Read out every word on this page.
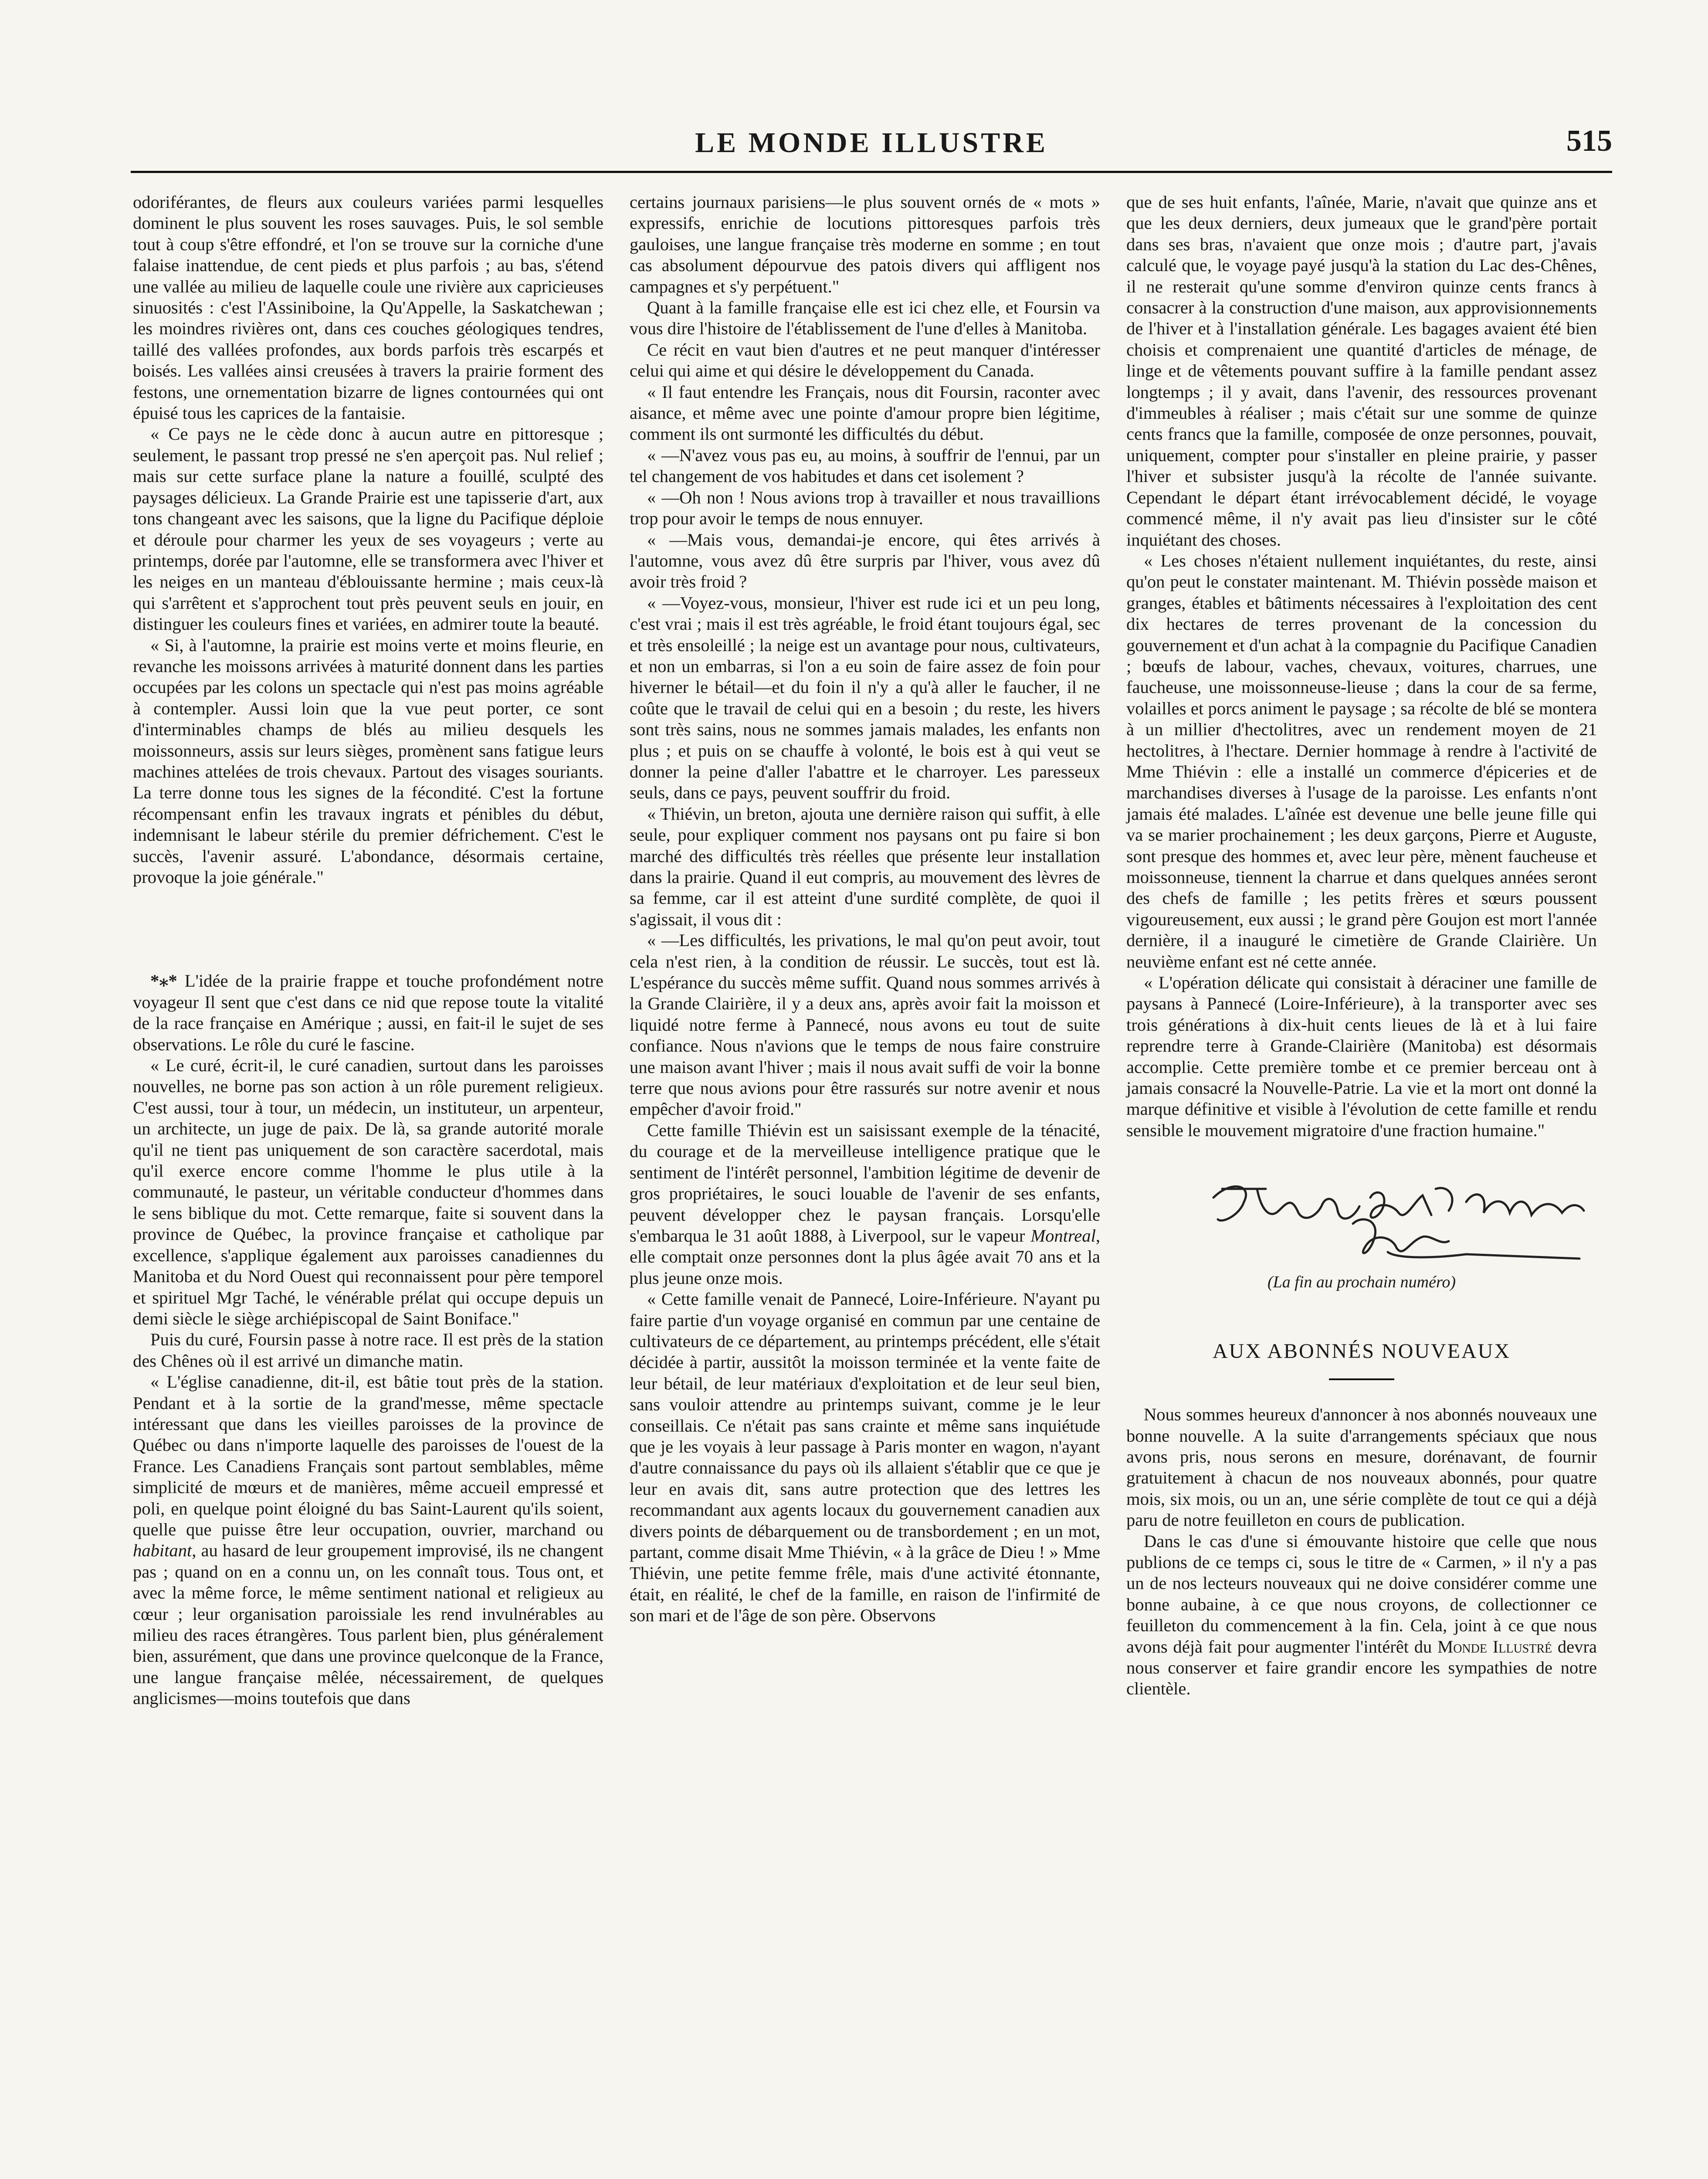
LE MONDE ILLUSTRE	515

odoriférantes, de fleurs aux couleurs variées parmi lesquelles dominent le plus souvent les roses sauvages. Puis, le sol semble tout à coup s'être effondré, et l'on se trouve sur la corniche d'une falaise inattendue, de cent pieds et plus parfois ; au bas, s'étend une vallée au milieu de laquelle coule une rivière aux capricieuses sinuosités : c'est l'Assiniboine, la Qu'Appelle, la Saskatchewan ; les moindres rivières ont, dans ces couches géologiques tendres, taillé des vallées profondes, aux bords parfois très escarpés et boisés. Les vallées ainsi creusées à travers la prairie forment des festons, une ornementation bizarre de lignes contournées qui ont épuisé tous les caprices de la fantaisie.

« Ce pays ne le cède donc à aucun autre en pittoresque ; seulement, le passant trop pressé ne s'en aperçoit pas. Nul relief ; mais sur cette surface plane la nature a fouillé, sculpté des paysages délicieux. La Grande Prairie est une tapisserie d'art, aux tons changeant avec les saisons, que la ligne du Pacifique déploie et déroule pour charmer les yeux de ses voyageurs ; verte au printemps, dorée par l'automne, elle se transformera avec l'hiver et les neiges en un manteau d'éblouissante hermine ; mais ceux-là qui s'arrêtent et s'approchent tout près peuvent seuls en jouir, en distinguer les couleurs fines et variées, en admirer toute la beauté.

« Si, à l'automne, la prairie est moins verte et moins fleurie, en revanche les moissons arrivées à maturité donnent dans les parties occupées par les colons un spectacle qui n'est pas moins agréable à contempler. Aussi loin que la vue peut porter, ce sont d'interminables champs de blés au milieu desquels les moissonneurs, assis sur leurs sièges, promènent sans fatigue leurs machines attelées de trois chevaux. Partout des visages souriants. La terre donne tous les signes de la fécondité. C'est la fortune récompensant enfin les travaux ingrats et pénibles du début, indemnisant le labeur stérile du premier défrichement. C'est le succès, l'avenir assuré. L'abondance, désormais certaine, provoque la joie générale."

*⁎* L'idée de la prairie frappe et touche profondément notre voyageur Il sent que c'est dans ce nid que repose toute la vitalité de la race française en Amérique ; aussi, en fait-il le sujet de ses observations. Le rôle du curé le fascine.

« Le curé, écrit-il, le curé canadien, surtout dans les paroisses nouvelles, ne borne pas son action à un rôle purement religieux. C'est aussi, tour à tour, un médecin, un instituteur, un arpenteur, un architecte, un juge de paix. De là, sa grande autorité morale qu'il ne tient pas uniquement de son caractère sacerdotal, mais qu'il exerce encore comme l'homme le plus utile à la communauté, le pasteur, un véritable conducteur d'hommes dans le sens biblique du mot. Cette remarque, faite si souvent dans la province de Québec, la province française et catholique par excellence, s'applique également aux paroisses canadiennes du Manitoba et du Nord Ouest qui reconnaissent pour père temporel et spirituel Mgr Taché, le vénérable prélat qui occupe depuis un demi siècle le siège archiépiscopal de Saint Boniface."

Puis du curé, Foursin passe à notre race. Il est près de la station des Chênes où il est arrivé un dimanche matin.

« L'église canadienne, dit-il, est bâtie tout près de la station. Pendant et à la sortie de la grand'messe, même spectacle intéressant que dans les vieilles paroisses de la province de Québec ou dans n'importe laquelle des paroisses de l'ouest de la France. Les Canadiens Français sont partout semblables, même simplicité de mœurs et de manières, même accueil empressé et poli, en quelque point éloigné du bas Saint-Laurent qu'ils soient, quelle que puisse être leur occupation, ouvrier, marchand ou habitant, au hasard de leur groupement improvisé, ils ne changent pas ; quand on en a connu un, on les connaît tous. Tous ont, et avec la même force, le même sentiment national et religieux au cœur ; leur organisation paroissiale les rend invulnérables au milieu des races étrangères. Tous parlent bien, plus généralement bien, assurément, que dans une province quelconque de la France, une langue française mêlée, nécessairement, de quelques anglicismes—moins toutefois que dans

certains journaux parisiens—le plus souvent ornés de « mots » expressifs, enrichie de locutions pittoresques parfois très gauloises, une langue française très moderne en somme ; en tout cas absolument dépourvue des patois divers qui affligent nos campagnes et s'y perpétuent."

Quant à la famille française elle est ici chez elle, et Foursin va vous dire l'histoire de l'établissement de l'une d'elles à Manitoba.

Ce récit en vaut bien d'autres et ne peut manquer d'intéresser celui qui aime et qui désire le développement du Canada.

« Il faut entendre les Français, nous dit Foursin, raconter avec aisance, et même avec une pointe d'amour propre bien légitime, comment ils ont surmonté les difficultés du début.

« —N'avez vous pas eu, au moins, à souffrir de l'ennui, par un tel changement de vos habitudes et dans cet isolement ?

« —Oh non ! Nous avions trop à travailler et nous travaillions trop pour avoir le temps de nous ennuyer.

« —Mais vous, demandai-je encore, qui êtes arrivés à l'automne, vous avez dû être surpris par l'hiver, vous avez dû avoir très froid ?

« —Voyez-vous, monsieur, l'hiver est rude ici et un peu long, c'est vrai ; mais il est très agréable, le froid étant toujours égal, sec et très ensoleillé ; la neige est un avantage pour nous, cultivateurs, et non un embarras, si l'on a eu soin de faire assez de foin pour hiverner le bétail—et du foin il n'y a qu'à aller le faucher, il ne coûte que le travail de celui qui en a besoin ; du reste, les hivers sont très sains, nous ne sommes jamais malades, les enfants non plus ; et puis on se chauffe à volonté, le bois est à qui veut se donner la peine d'aller l'abattre et le charroyer. Les paresseux seuls, dans ce pays, peuvent souffrir du froid.

« Thiévin, un breton, ajouta une dernière raison qui suffit, à elle seule, pour expliquer comment nos paysans ont pu faire si bon marché des difficultés très réelles que présente leur installation dans la prairie. Quand il eut compris, au mouvement des lèvres de sa femme, car il est atteint d'une surdité complète, de quoi il s'agissait, il vous dit :

« —Les difficultés, les privations, le mal qu'on peut avoir, tout cela n'est rien, à la condition de réussir. Le succès, tout est là. L'espérance du succès même suffit. Quand nous sommes arrivés à la Grande Clairière, il y a deux ans, après avoir fait la moisson et liquidé notre ferme à Pannecé, nous avons eu tout de suite confiance. Nous n'avions que le temps de nous faire construire une maison avant l'hiver ; mais il nous avait suffi de voir la bonne terre que nous avions pour être rassurés sur notre avenir et nous empêcher d'avoir froid."

Cette famille Thiévin est un saisissant exemple de la ténacité, du courage et de la merveilleuse intelligence pratique que le sentiment de l'intérêt personnel, l'ambition légitime de devenir de gros propriétaires, le souci louable de l'avenir de ses enfants, peuvent développer chez le paysan français. Lorsqu'elle s'embarqua le 31 août 1888, à Liverpool, sur le vapeur Montreal, elle comptait onze personnes dont la plus âgée avait 70 ans et la plus jeune onze mois.

« Cette famille venait de Pannecé, Loire-Inférieure. N'ayant pu faire partie d'un voyage organisé en commun par une centaine de cultivateurs de ce département, au printemps précédent, elle s'était décidée à partir, aussitôt la moisson terminée et la vente faite de leur bétail, de leur matériaux d'exploitation et de leur seul bien, sans vouloir attendre au printemps suivant, comme je le leur conseillais. Ce n'était pas sans crainte et même sans inquiétude que je les voyais à leur passage à Paris monter en wagon, n'ayant d'autre connaissance du pays où ils allaient s'établir que ce que je leur en avais dit, sans autre protection que des lettres les recommandant aux agents locaux du gouvernement canadien aux divers points de débarquement ou de transbordement ; en un mot, partant, comme disait Mme Thiévin, « à la grâce de Dieu ! » Mme Thiévin, une petite femme frêle, mais d'une activité étonnante, était, en réalité, le chef de la famille, en raison de l'infirmité de son mari et de l'âge de son père. Observons

que de ses huit enfants, l'aînée, Marie, n'avait que quinze ans et que les deux derniers, deux jumeaux que le grand'père portait dans ses bras, n'avaient que onze mois ; d'autre part, j'avais calculé que, le voyage payé jusqu'à la station du Lac des-Chênes, il ne resterait qu'une somme d'environ quinze cents francs à consacrer à la construction d'une maison, aux approvisionnements de l'hiver et à l'installation générale. Les bagages avaient été bien choisis et comprenaient une quantité d'articles de ménage, de linge et de vêtements pouvant suffire à la famille pendant assez longtemps ; il y avait, dans l'avenir, des ressources provenant d'immeubles à réaliser ; mais c'était sur une somme de quinze cents francs que la famille, composée de onze personnes, pouvait, uniquement, compter pour s'installer en pleine prairie, y passer l'hiver et subsister jusqu'à la récolte de l'année suivante. Cependant le départ étant irrévocablement décidé, le voyage commencé même, il n'y avait pas lieu d'insister sur le côté inquiétant des choses.

« Les choses n'étaient nullement inquiétantes, du reste, ainsi qu'on peut le constater maintenant. M. Thiévin possède maison et granges, étables et bâtiments nécessaires à l'exploitation des cent dix hectares de terres provenant de la concession du gouvernement et d'un achat à la compagnie du Pacifique Canadien ; bœufs de labour, vaches, chevaux, voitures, charrues, une faucheuse, une moissonneuse-lieuse ; dans la cour de sa ferme, volailles et porcs animent le paysage ; sa récolte de blé se montera à un millier d'hectolitres, avec un rendement moyen de 21 hectolitres, à l'hectare. Dernier hommage à rendre à l'activité de Mme Thiévin : elle a installé un commerce d'épiceries et de marchandises diverses à l'usage de la paroisse. Les enfants n'ont jamais été malades. L'aînée est devenue une belle jeune fille qui va se marier prochainement ; les deux garçons, Pierre et Auguste, sont presque des hommes et, avec leur père, mènent faucheuse et moissonneuse, tiennent la charrue et dans quelques années seront des chefs de famille ; les petits frères et sœurs poussent vigoureusement, eux aussi ; le grand père Goujon est mort l'année dernière, il a inauguré le cimetière de Grande Clairière. Un neuvième enfant est né cette année.

« L'opération délicate qui consistait à déraciner une famille de paysans à Pannecé (Loire-Inférieure), à la transporter avec ses trois générations à dix-huit cents lieues de là et à lui faire reprendre terre à Grande-Clairière (Manitoba) est désormais accomplie. Cette première tombe et ce premier berceau ont à jamais consacré la Nouvelle-Patrie. La vie et la mort ont donné la marque définitive et visible à l'évolution de cette famille et rendu sensible le mouvement migratoire d'une fraction humaine."

(La fin au prochain numéro)
AUX ABONNÉS NOUVEAUX

Nous sommes heureux d'annoncer à nos abonnés nouveaux une bonne nouvelle. A la suite d'arrangements spéciaux que nous avons pris, nous serons en mesure, dorénavant, de fournir gratuitement à chacun de nos nouveaux abonnés, pour quatre mois, six mois, ou un an, une série complète de tout ce qui a déjà paru de notre feuilleton en cours de publication.

Dans le cas d'une si émouvante histoire que celle que nous publions de ce temps ci, sous le titre de « Carmen, » il n'y a pas un de nos lecteurs nouveaux qui ne doive considérer comme une bonne aubaine, à ce que nous croyons, de collectionner ce feuilleton du commencement à la fin. Cela, joint à ce que nous avons déjà fait pour augmenter l'intérêt du Monde Illustré devra nous conserver et faire grandir encore les sympathies de notre clientèle.
